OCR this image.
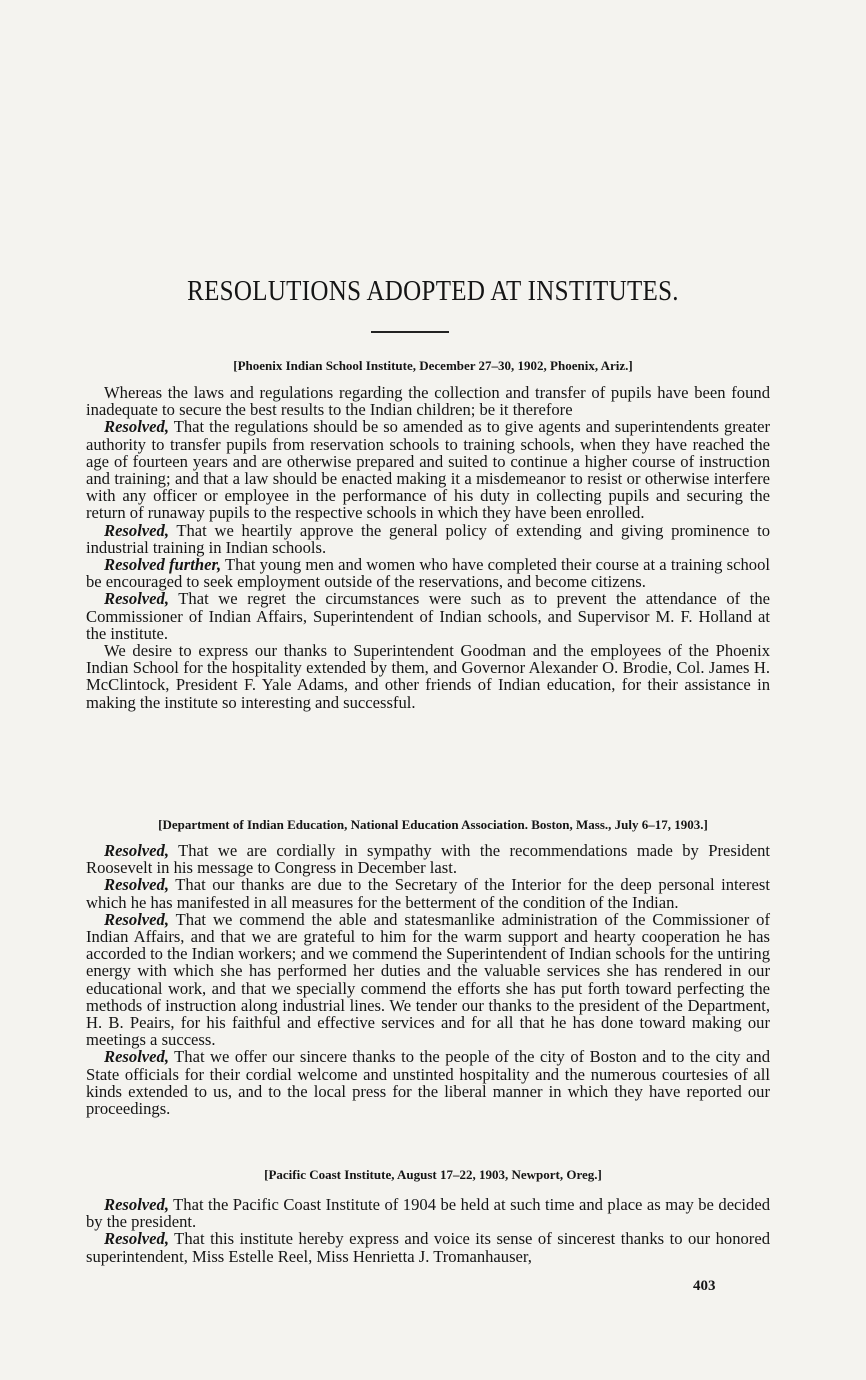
RESOLUTIONS ADOPTED AT INSTITUTES.
[Phoenix Indian School Institute, December 27–30, 1902, Phoenix, Ariz.]

Whereas the laws and regulations regarding the collection and transfer of pupils have been found inadequate to secure the best results to the Indian children; be it therefore

Resolved, That the regulations should be so amended as to give agents and superintendents greater authority to transfer pupils from reservation schools to training schools, when they have reached the age of fourteen years and are otherwise prepared and suited to continue a higher course of instruction and training; and that a law should be enacted making it a misdemeanor to resist or otherwise interfere with any officer or employee in the performance of his duty in collecting pupils and securing the return of runaway pupils to the respective schools in which they have been enrolled.

Resolved, That we heartily approve the general policy of extending and giving prominence to industrial training in Indian schools.

Resolved further, That young men and women who have completed their course at a training school be encouraged to seek employment outside of the reservations, and become citizens.

Resolved, That we regret the circumstances were such as to prevent the attendance of the Commissioner of Indian Affairs, Superintendent of Indian schools, and Supervisor M. F. Holland at the institute.

We desire to express our thanks to Superintendent Goodman and the employees of the Phoenix Indian School for the hospitality extended by them, and Governor Alexander O. Brodie, Col. James H. McClintock, President F. Yale Adams, and other friends of Indian education, for their assistance in making the institute so interesting and successful.

[Department of Indian Education, National Education Association. Boston, Mass., July 6–17, 1903.]

Resolved, That we are cordially in sympathy with the recommendations made by President Roosevelt in his message to Congress in December last.

Resolved, That our thanks are due to the Secretary of the Interior for the deep personal interest which he has manifested in all measures for the betterment of the condition of the Indian.

Resolved, That we commend the able and statesmanlike administration of the Commissioner of Indian Affairs, and that we are grateful to him for the warm support and hearty cooperation he has accorded to the Indian workers; and we commend the Superintendent of Indian schools for the untiring energy with which she has performed her duties and the valuable services she has rendered in our educational work, and that we specially commend the efforts she has put forth toward perfecting the methods of instruction along industrial lines. We tender our thanks to the president of the Department, H. B. Peairs, for his faithful and effective services and for all that he has done toward making our meetings a success.

Resolved, That we offer our sincere thanks to the people of the city of Boston and to the city and State officials for their cordial welcome and unstinted hospitality and the numerous courtesies of all kinds extended to us, and to the local press for the liberal manner in which they have reported our proceedings.

[Pacific Coast Institute, August 17–22, 1903, Newport, Oreg.]

Resolved, That the Pacific Coast Institute of 1904 be held at such time and place as may be decided by the president.

Resolved, That this institute hereby express and voice its sense of sincerest thanks to our honored superintendent, Miss Estelle Reel, Miss Henrietta J. Tromanhauser,

403
